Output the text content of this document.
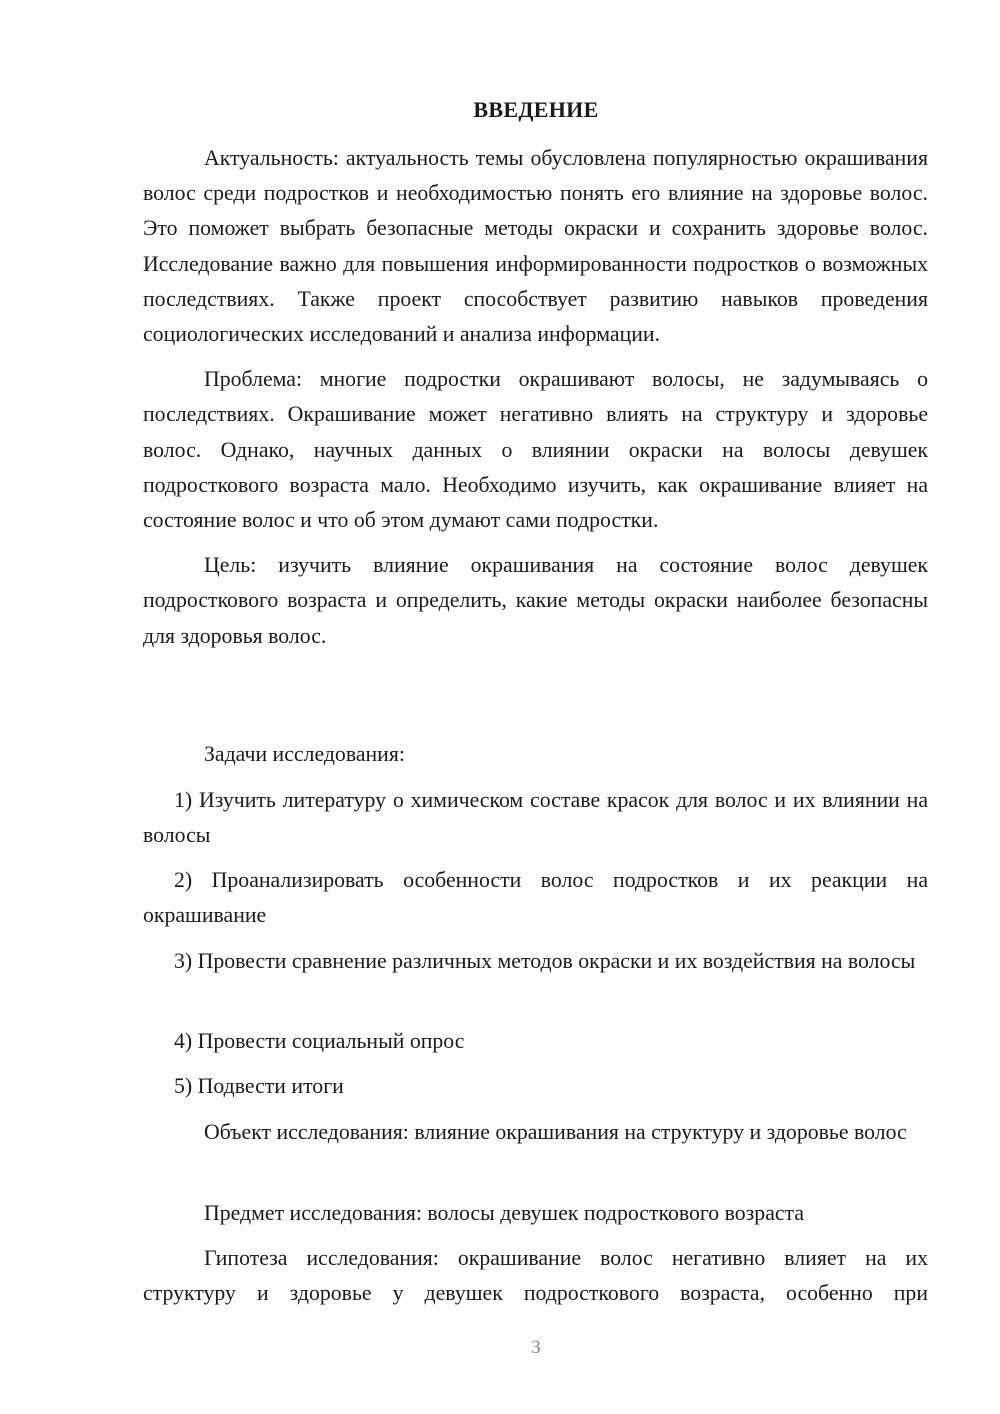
ВВЕДЕНИЕ

Актуальность: актуальность темы обусловлена популярностью окрашивания волос среди подростков и необходимостью понять его влияние на здоровье волос. Это поможет выбрать безопасные методы окраски и сохранить здоровье волос. Исследование важно для повышения информированности подростков о возможных последствиях. Также проект способствует развитию навыков проведения социологических исследований и анализа информации.

Проблема: многие подростки окрашивают волосы, не задумываясь о последствиях. Окрашивание может негативно влиять на структуру и здоровье волос. Однако, научных данных о влиянии окраски на волосы девушек подросткового возраста мало. Необходимо изучить, как окрашивание влияет на состояние волос и что об этом думают сами подростки.

Цель: изучить влияние окрашивания на состояние волос девушек подросткового возраста и определить, какие методы окраски наиболее безопасны для здоровья волос.

Задачи исследования:

1) Изучить литературу о химическом составе красок для волос и их влиянии на волосы

2) Проанализировать особенности волос подростков и их реакции на окрашивание

3) Провести сравнение различных методов окраски и их воздействия на волосы

4) Провести социальный опрос

5) Подвести итоги

Объект исследования: влияние окрашивания на структуру и здоровье волос

Предмет исследования: волосы девушек подросткового возраста

Гипотеза исследования: окрашивание волос негативно влияет на их структуру и здоровье у девушек подросткового возраста, особенно при

3
